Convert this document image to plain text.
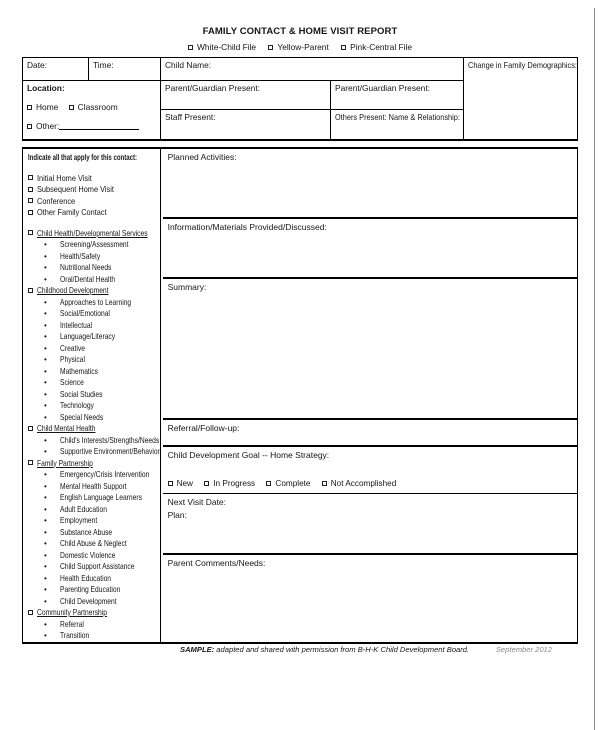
FAMILY CONTACT & HOME VISIT REPORT
White-Child File	Yellow-Parent	Pink-Central File
Date:	Time:	Child Name:	Change in Family Demographics:
Location:
Home Classroom
Other:
Parent/Guardian Present:	Parent/Guardian Present:
Staff Present:	Others Present: Name & Relationship:
Indicate all that apply for this contact:
Initial Home Visit
Subsequent Home Visit
Conference
Other Family Contact
Child Health/Developmental Services
• Screening/Assessment
• Health/Safety
• Nutritional Needs
• Oral/Dental Health
Childhood Development
• Approaches to Learning
• Social/Emotional
• Intellectual
• Language/Literacy
• Creative
• Physical
• Mathematics
• Science
• Social Studies
• Technology
• Special Needs
Child Mental Health
• Child's Interests/Strengths/Needs
• Supportive Environment/Behavior
Family Partnership
• Emergency/Crisis Intervention
• Mental Health Support
• English Language Learners
• Adult Education
• Employment
• Substance Abuse
• Child Abuse & Neglect
• Domestic Violence
• Child Support Assistance
• Health Education
• Parenting Education
• Child Development
Community Partnership
• Referral
• Transition
Planned Activities:
Information/Materials Provided/Discussed:
Summary:
Referral/Follow-up:
Child Development Goal -- Home Strategy:
New In Progress Complete Not Accomplished
Next Visit Date:
Plan:
Parent Comments/Needs:
SAMPLE: adapted and shared with permission from B-H-K Child Development Board.	September 2012
